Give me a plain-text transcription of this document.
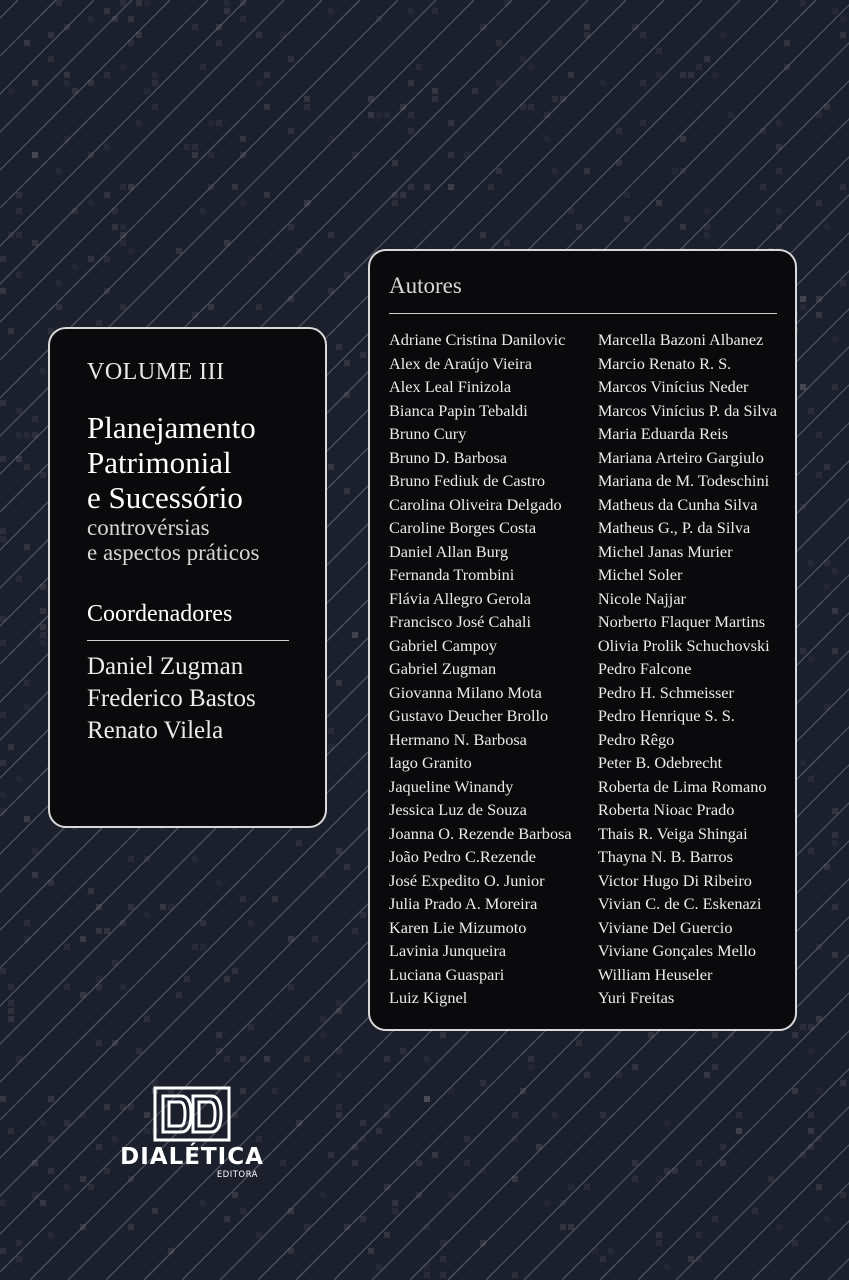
VOLUME III
Planejamento
Patrimonial
e Sucessório
controvérsias
e aspectos práticos
Coordenadores
Daniel Zugman
Frederico Bastos
Renato Vilela
Autores
Adriane Cristina Danilovic
Alex de Araújo Vieira
Alex Leal Finizola
Bianca Papin Tebaldi
Bruno Cury
Bruno D. Barbosa
Bruno Fediuk de Castro
Carolina Oliveira Delgado
Caroline Borges Costa
Daniel Allan Burg
Fernanda Trombini
Flávia Allegro Gerola
Francisco José Cahali
Gabriel Campoy
Gabriel Zugman
Giovanna Milano Mota
Gustavo Deucher Brollo
Hermano N. Barbosa
Iago Granito
Jaqueline Winandy
Jessica Luz de Souza
Joanna O. Rezende Barbosa
João Pedro C.Rezende
José Expedito O. Junior
Julia Prado A. Moreira
Karen Lie Mizumoto
Lavinia Junqueira
Luciana Guaspari
Luiz Kignel
Marcella Bazoni Albanez
Marcio Renato R. S.
Marcos Vinícius Neder
Marcos Vinícius P. da Silva
Maria Eduarda Reis
Mariana Arteiro Gargiulo
Mariana de M. Todeschini
Matheus da Cunha Silva
Matheus G., P. da Silva
Michel Janas Murier
Michel Soler
Nicole Najjar
Norberto Flaquer Martins
Olivia Prolik Schuchovski
Pedro Falcone
Pedro H. Schmeisser
Pedro Henrique S. S.
Pedro Rêgo
Peter B. Odebrecht
Roberta de Lima Romano
Roberta Nioac Prado
Thais R. Veiga Shingai
Thayna N. B. Barros
Victor Hugo Di Ribeiro
Vivian C. de C. Eskenazi
Viviane Del Guercio
Viviane Gonçales Mello
William Heuseler
Yuri Freitas
DIALÉTICA
EDITORA
